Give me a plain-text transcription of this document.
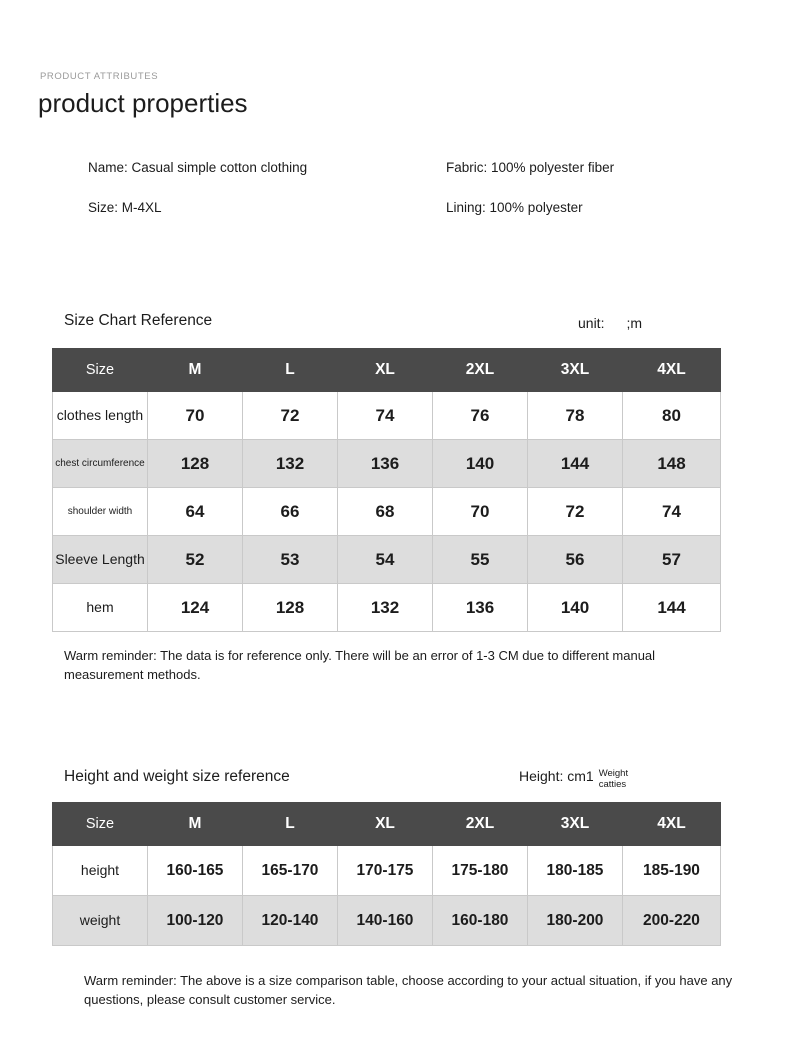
PRODUCT ATTRIBUTES
product properties
Name: Casual simple cotton clothing	Fabric: 100% polyester fiber
Size: M-4XL	Lining: 100% polyester
Size Chart Reference	unit: ;m
Size	M	L	XL	2XL	3XL	4XL
clothes length	70	72	74	76	78	80
chest circumference	128	132	136	140	144	148
shoulder width	64	66	68	70	72	74
Sleeve Length	52	53	54	55	56	57
hem	124	128	132	136	140	144
Warm reminder: The data is for reference only. There will be an error of 1-3 CM due to different manual measurement methods.
Height and weight size reference	Height: cm1 Weight
catties
Size	M	L	XL	2XL	3XL	4XL
height	160-165	165-170	170-175	175-180	180-185	185-190
weight	100-120	120-140	140-160	160-180	180-200	200-220
Warm reminder: The above is a size comparison table, choose according to your actual situation, if you have any questions, please consult customer service.
